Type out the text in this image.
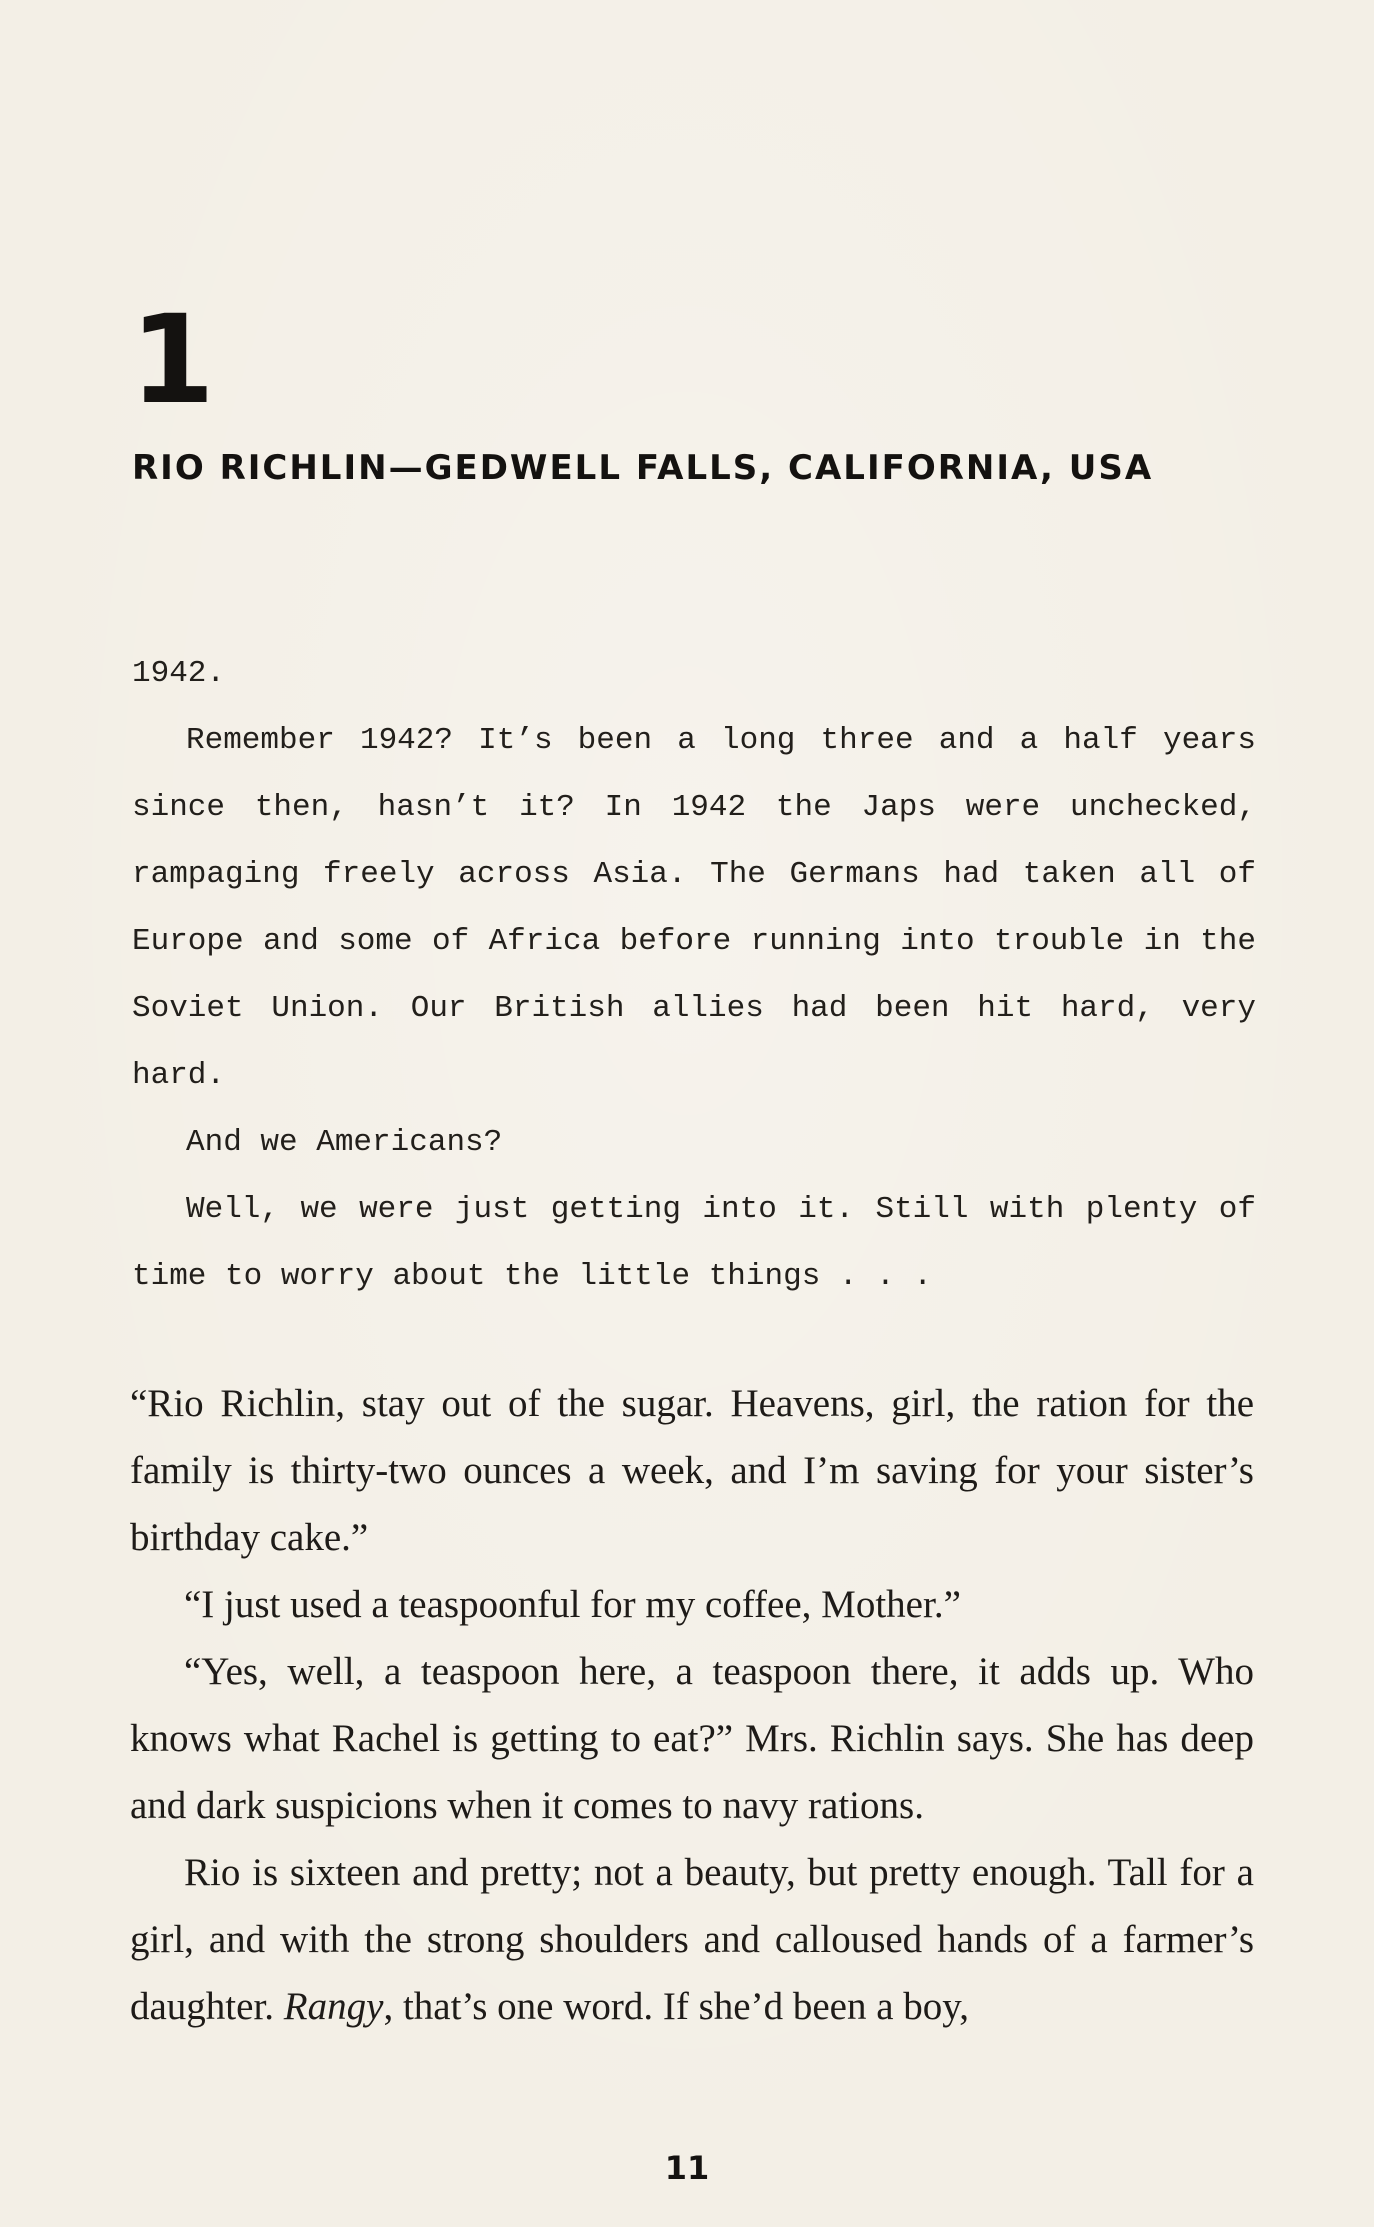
1
RIO RICHLIN—GEDWELL FALLS, CALIFORNIA, USA

1942.

Remember 1942? It’s been a long three and a half years since then, hasn’t it? In 1942 the Japs were unchecked, rampaging freely across Asia. The Germans had taken all of Europe and some of Africa before running into trouble in the Soviet Union. Our British allies had been hit hard, very hard.

And we Americans?

Well, we were just getting into it. Still with plenty of time to worry about the little things . . .

“Rio Richlin, stay out of the sugar. Heavens, girl, the ration for the family is thirty-two ounces a week, and I’m saving for your sister’s birthday cake.”

“I just used a teaspoonful for my coffee, Mother.”

“Yes, well, a teaspoon here, a teaspoon there, it adds up. Who knows what Rachel is getting to eat?” Mrs. Richlin says. She has deep and dark suspicions when it comes to navy rations.

Rio is sixteen and pretty; not a beauty, but pretty enough. Tall for a girl, and with the strong shoulders and calloused hands of a farmer’s daughter. Rangy, that’s one word. If she’d been a boy,

11
